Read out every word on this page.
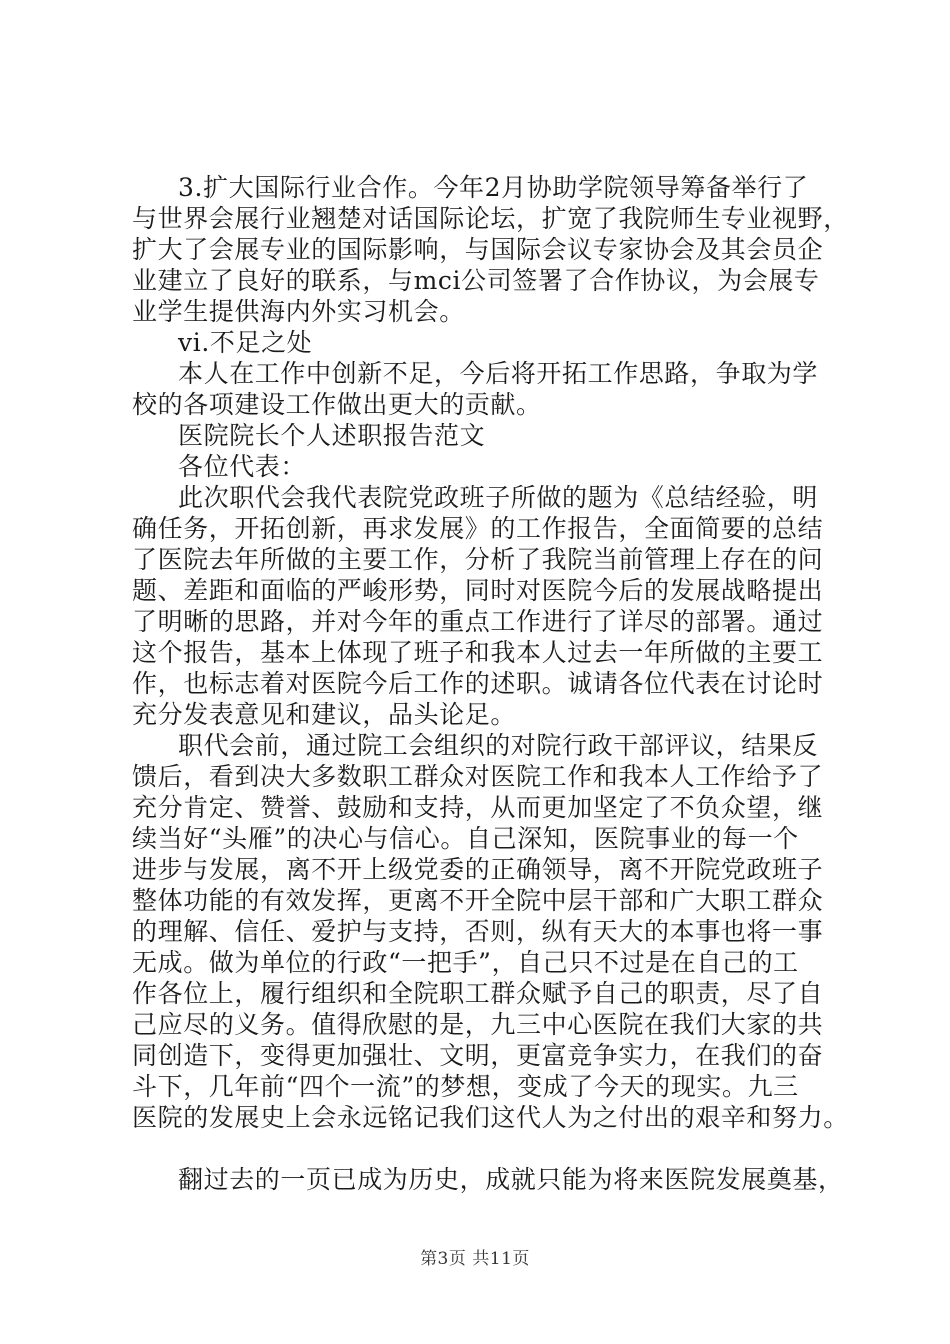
3.扩大国际行业合作。今年2月协助学院领导筹备举行了
与世界会展行业翘楚对话国际论坛，扩宽了我院师生专业视野，
扩大了会展专业的国际影响，与国际会议专家协会及其会员企
业建立了良好的联系，与mci公司签署了合作协议，为会展专
业学生提供海内外实习机会。
vi.不足之处
本人在工作中创新不足，今后将开拓工作思路，争取为学
校的各项建设工作做出更大的贡献。
医院院长个人述职报告范文
各位代表：
此次职代会我代表院党政班子所做的题为《总结经验，明
确任务，开拓创新，再求发展》的工作报告，全面简要的总结
了医院去年所做的主要工作，分析了我院当前管理上存在的问
题、差距和面临的严峻形势，同时对医院今后的发展战略提出
了明晰的思路，并对今年的重点工作进行了详尽的部署。通过
这个报告，基本上体现了班子和我本人过去一年所做的主要工
作，也标志着对医院今后工作的述职。诚请各位代表在讨论时
充分发表意见和建议，品头论足。
职代会前，通过院工会组织的对院行政干部评议，结果反
馈后，看到决大多数职工群众对医院工作和我本人工作给予了
充分肯定、赞誉、鼓励和支持，从而更加坚定了不负众望，继
续当好“头雁”的决心与信心。自己深知，医院事业的每一个
进步与发展，离不开上级党委的正确领导，离不开院党政班子
整体功能的有效发挥，更离不开全院中层干部和广大职工群众
的理解、信任、爱护与支持，否则，纵有天大的本事也将一事
无成。做为单位的行政“一把手”，自己只不过是在自己的工
作各位上，履行组织和全院职工群众赋予自己的职责，尽了自
己应尽的义务。值得欣慰的是，九三中心医院在我们大家的共
同创造下，变得更加强壮、文明，更富竞争实力，在我们的奋
斗下，几年前“四个一流”的梦想，变成了今天的现实。九三
医院的发展史上会永远铭记我们这代人为之付出的艰辛和努力。
翻过去的一页已成为历史，成就只能为将来医院发展奠基，
第3页 共11页
